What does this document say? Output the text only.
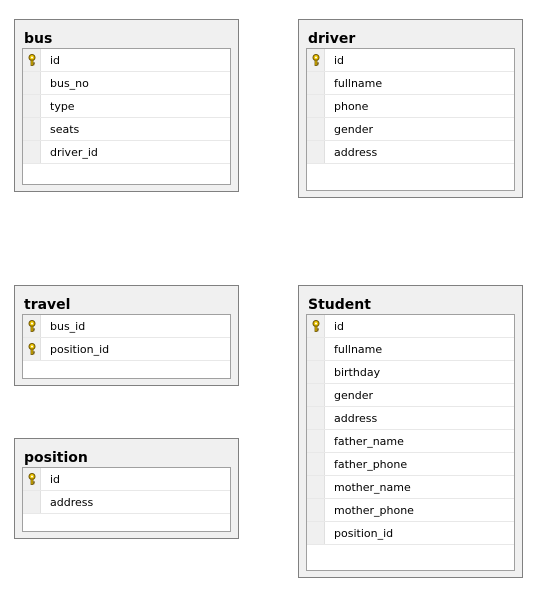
bus
id
bus_no
type
seats
driver_id
driver
id
fullname
phone
gender
address
travel
bus_id
position_id
Student
id
fullname
birthday
gender
address
father_name
father_phone
mother_name
mother_phone
position_id
position
id
address
